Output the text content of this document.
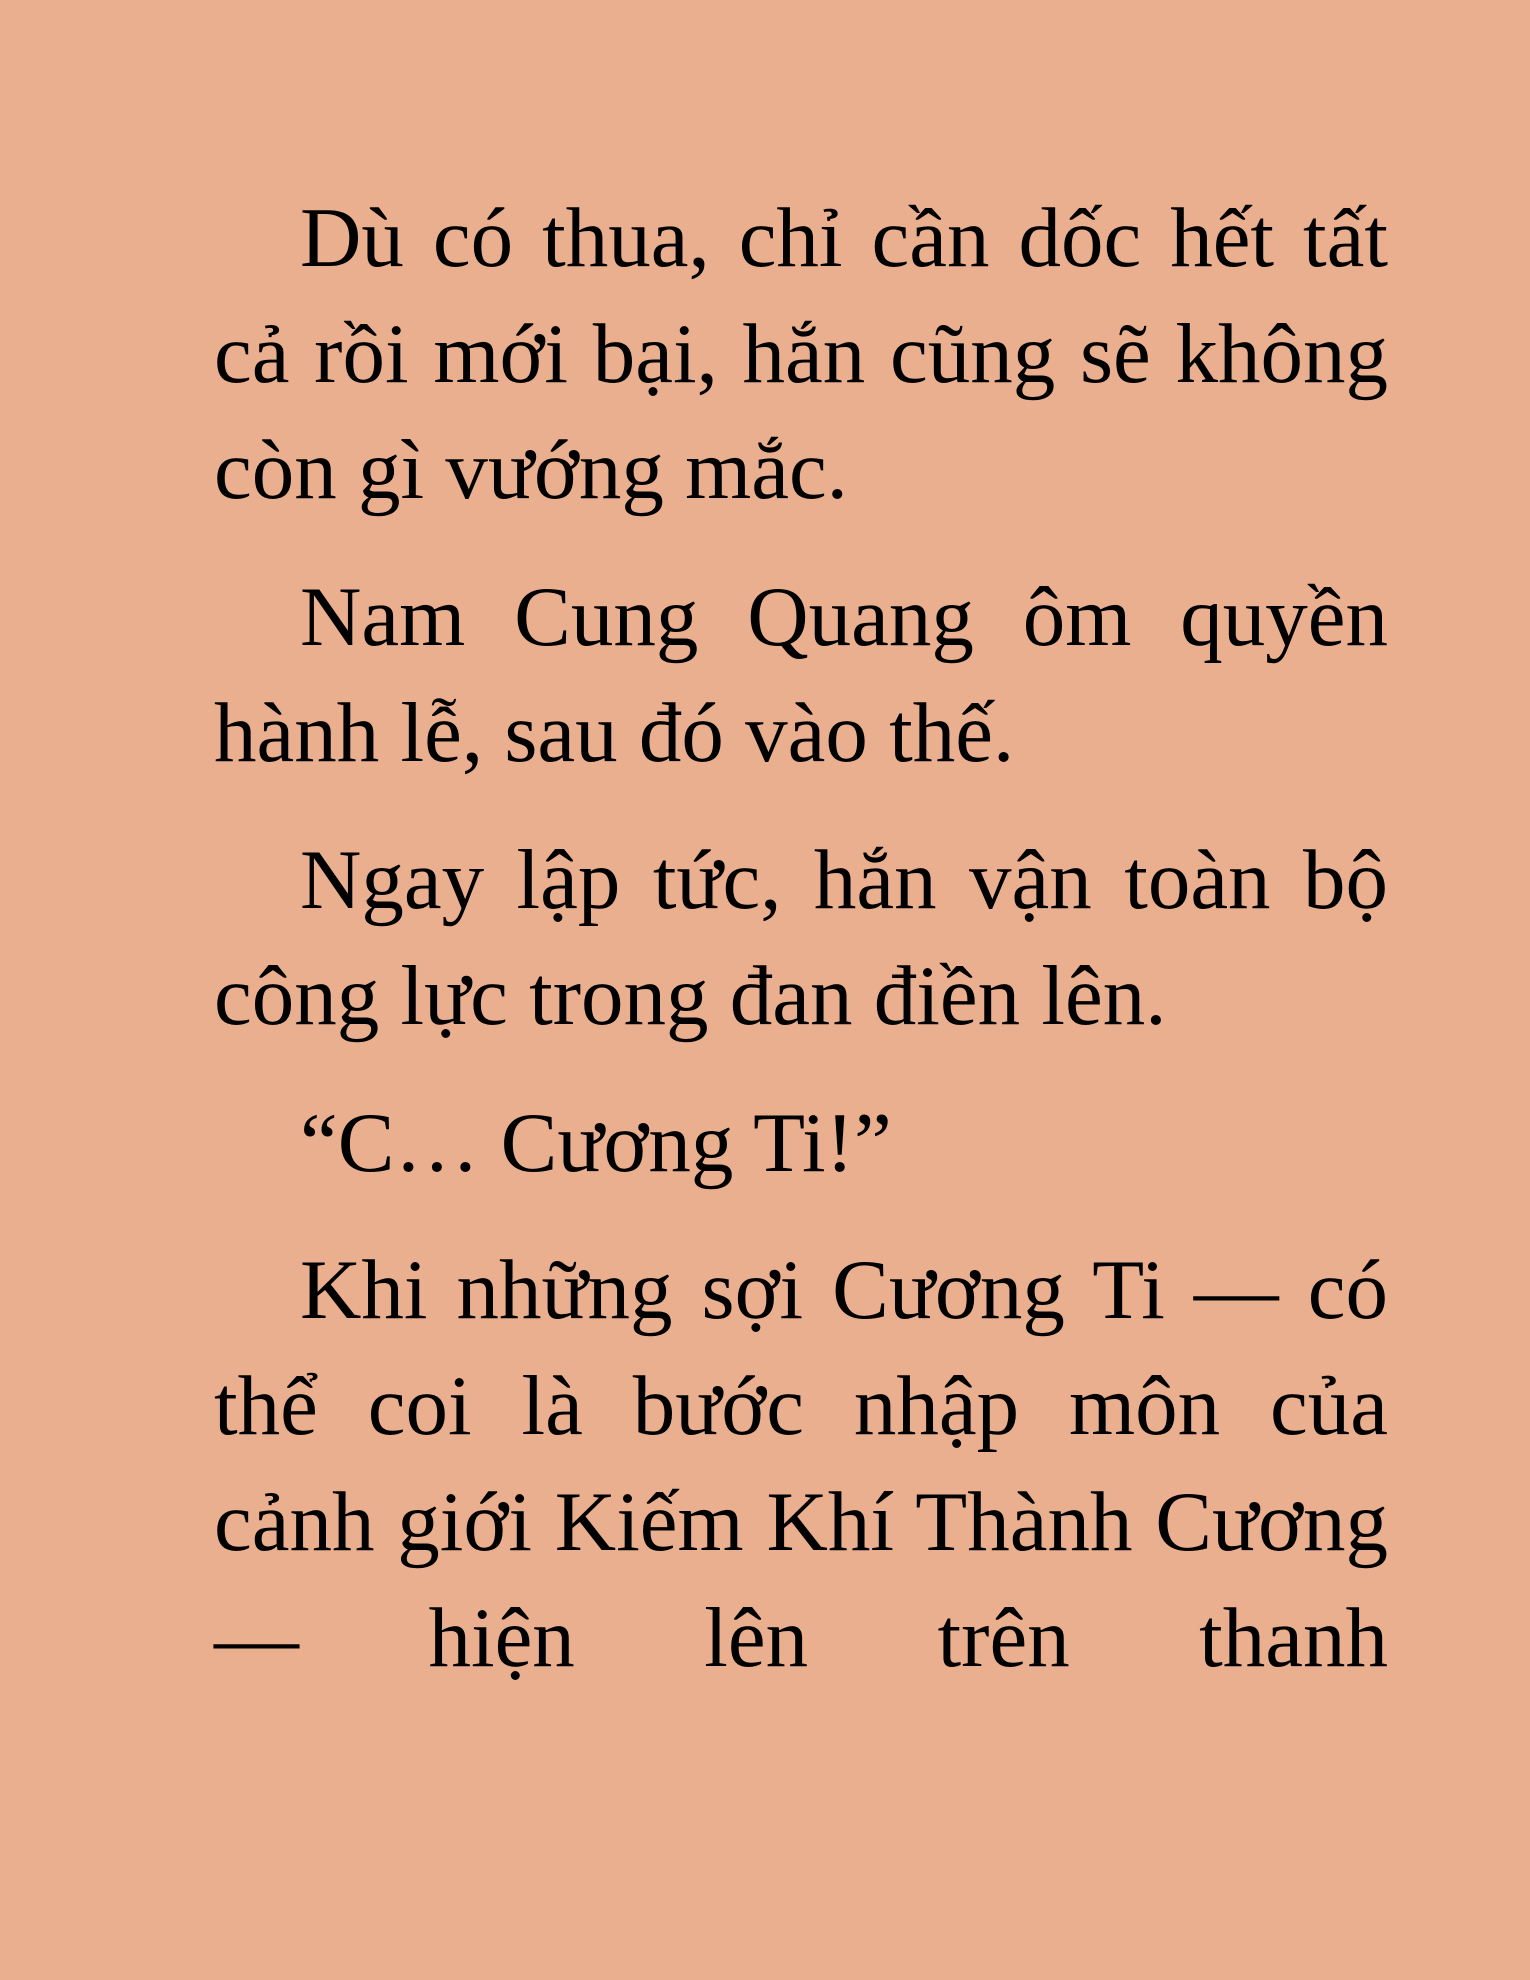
Dù có thua, chỉ cần dốc hết tất cả rồi mới bại, hắn cũng sẽ không còn gì vướng mắc.

Nam Cung Quang ôm quyền hành lễ, sau đó vào thế.

Ngay lập tức, hắn vận toàn bộ công lực trong đan điền lên.

“C… Cương Ti!”

Khi những sợi Cương Ti — có thể coi là bước nhập môn của cảnh giới Kiếm Khí Thành Cương — hiện lên trên thanh
